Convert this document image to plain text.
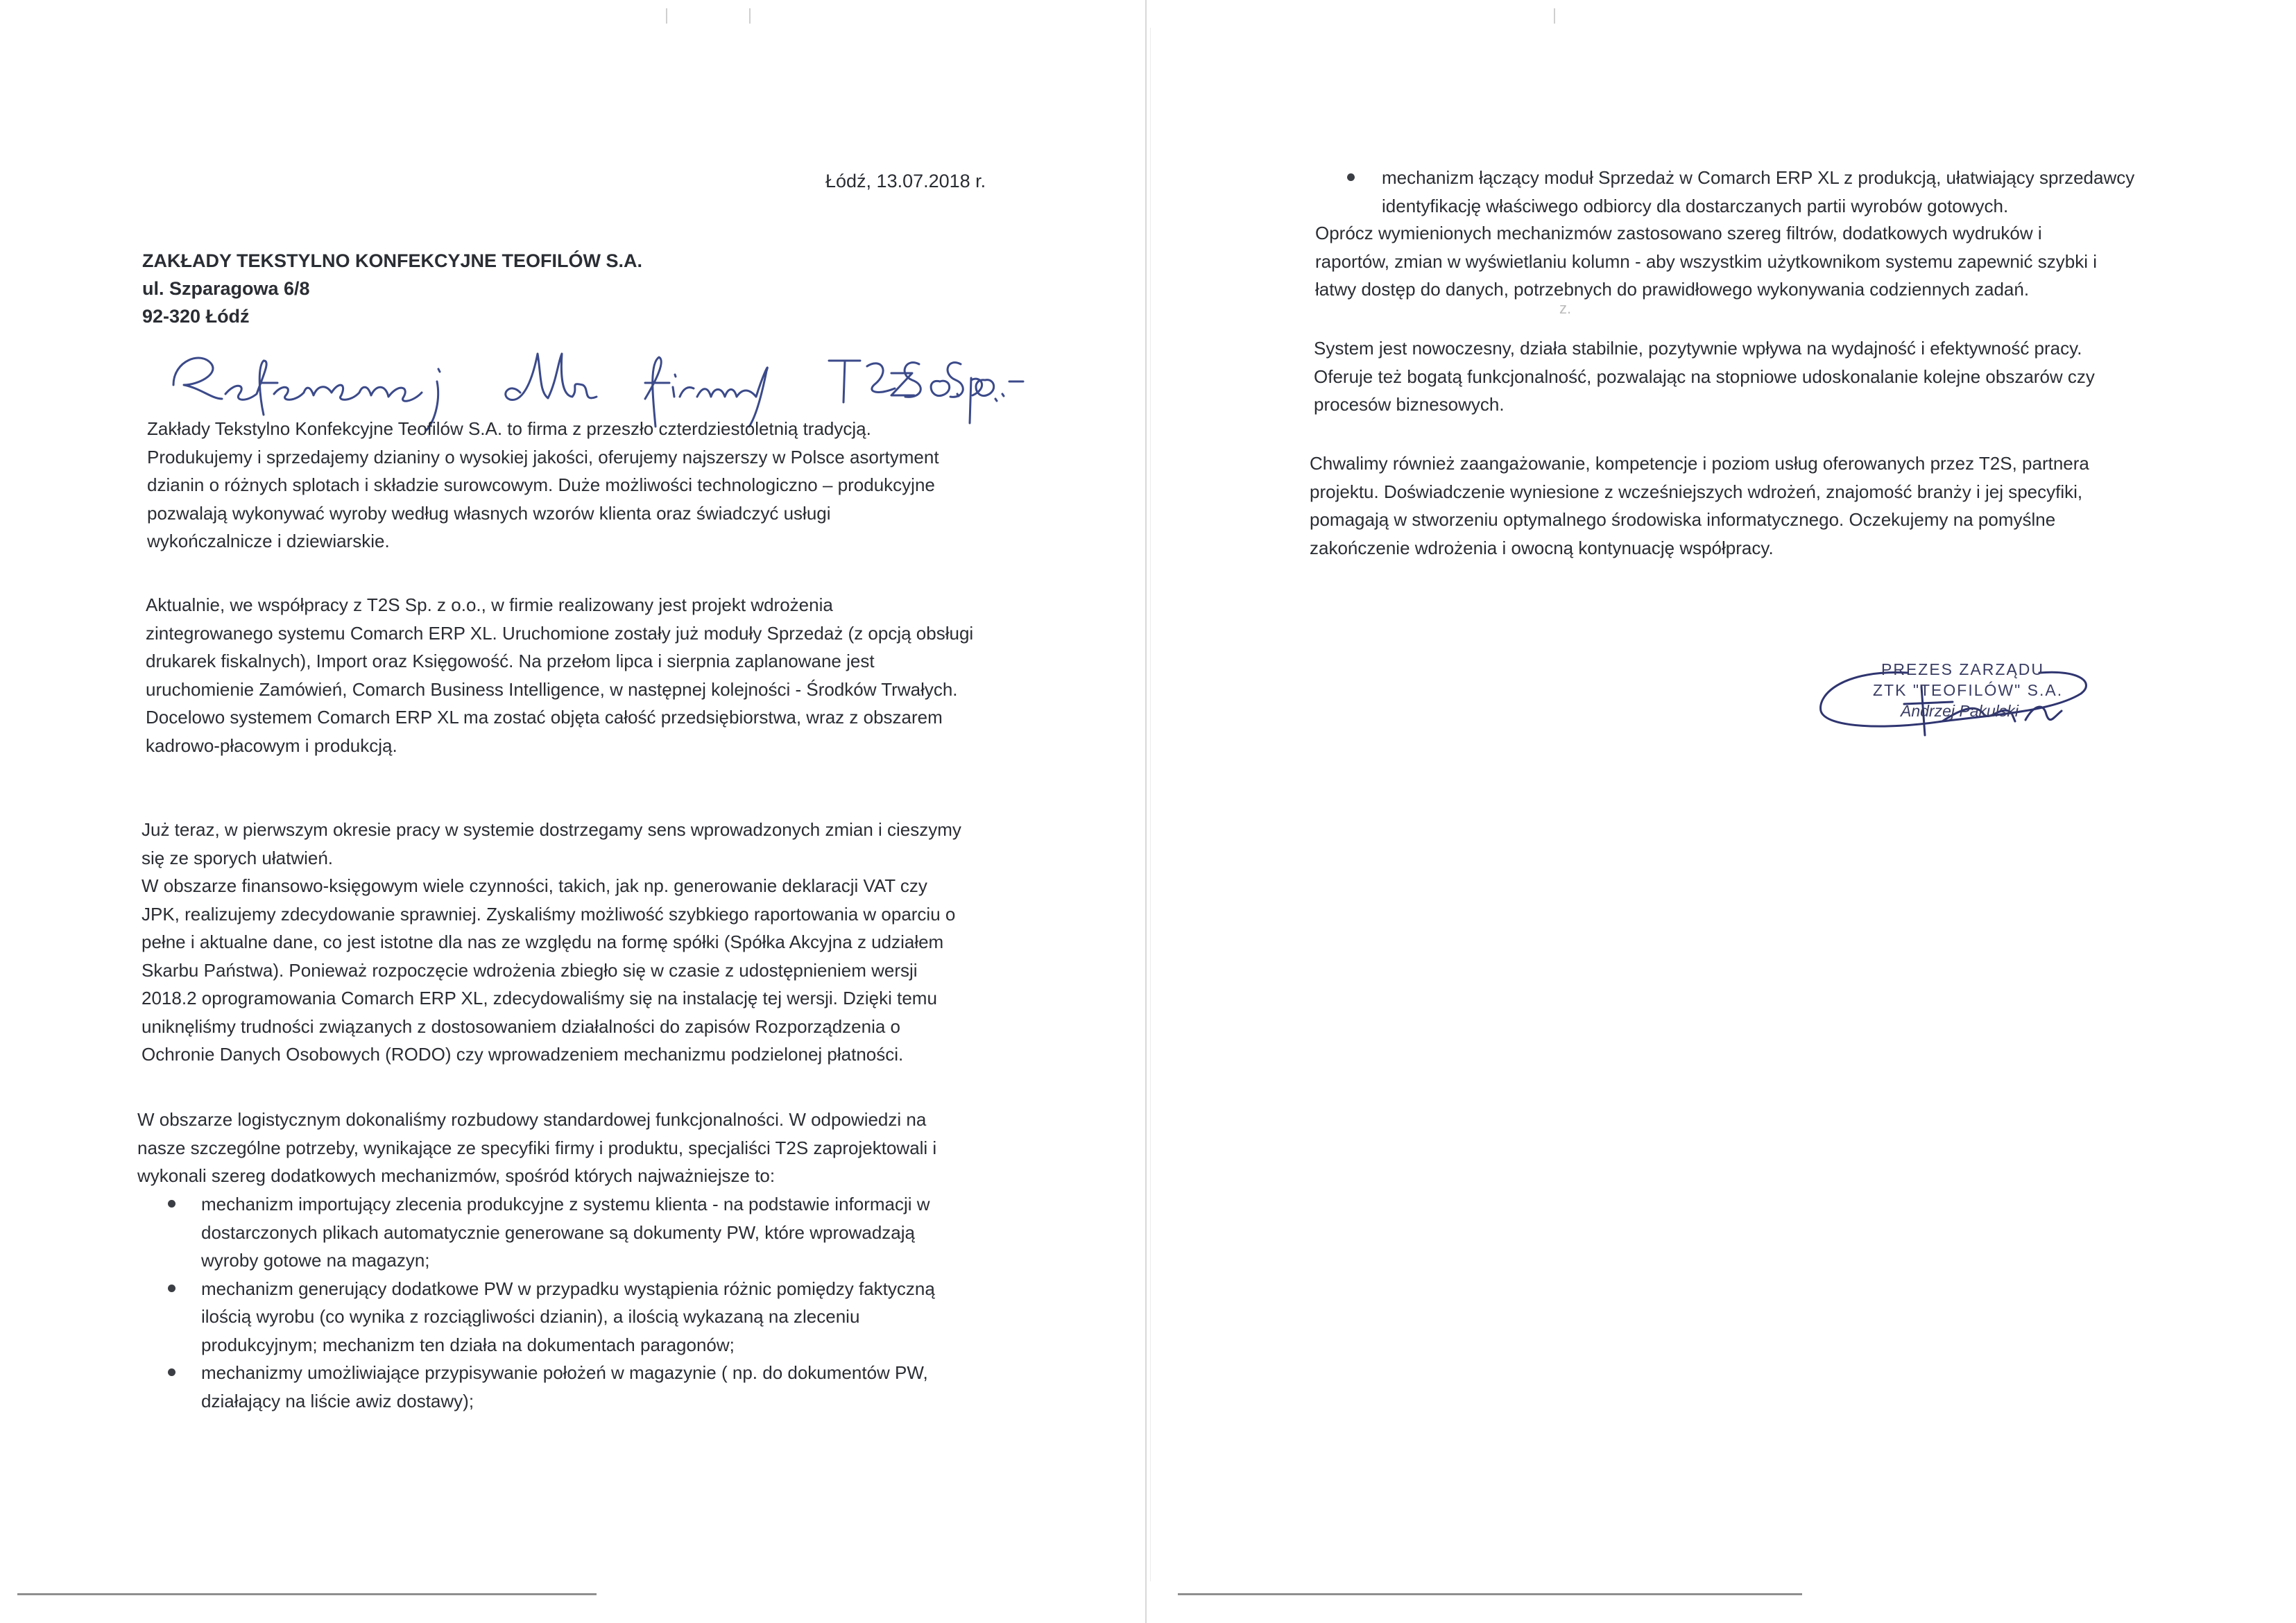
Łódź, 13.07.2018 r.
ZAKŁADY TEKSTYLNO KONFEKCYJNE TEOFILÓW S.A.
ul. Szparagowa 6/8
92-320 Łódź
Zakłady Tekstylno Konfekcyjne Teofilów S.A. to firma z przeszło czterdziestoletnią tradycją.
Produkujemy i sprzedajemy dzianiny o wysokiej jakości, oferujemy najszerszy w Polsce asortyment
dzianin o różnych splotach i składzie surowcowym. Duże możliwości technologiczno – produkcyjne
pozwalają wykonywać wyroby według własnych wzorów klienta oraz świadczyć usługi
wykończalnicze i dziewiarskie.
Aktualnie, we współpracy z T2S Sp. z o.o., w firmie realizowany jest projekt wdrożenia
zintegrowanego systemu Comarch ERP XL. Uruchomione zostały już moduły Sprzedaż (z opcją obsługi
drukarek fiskalnych), Import oraz Księgowość. Na przełom lipca i sierpnia zaplanowane jest
uruchomienie Zamówień, Comarch Business Intelligence, w następnej kolejności - Środków Trwałych.
Docelowo systemem Comarch ERP XL ma zostać objęta całość przedsiębiorstwa, wraz z obszarem
kadrowo-płacowym i produkcją.
Już teraz, w pierwszym okresie pracy w systemie dostrzegamy sens wprowadzonych zmian i cieszymy
się ze sporych ułatwień.
W obszarze finansowo-księgowym wiele czynności, takich, jak np. generowanie deklaracji VAT czy
JPK, realizujemy zdecydowanie sprawniej. Zyskaliśmy możliwość szybkiego raportowania w oparciu o
pełne i aktualne dane, co jest istotne dla nas ze względu na formę spółki (Spółka Akcyjna z udziałem
Skarbu Państwa). Ponieważ rozpoczęcie wdrożenia zbiegło się w czasie z udostępnieniem wersji
2018.2 oprogramowania Comarch ERP XL, zdecydowaliśmy się na instalację tej wersji. Dzięki temu
uniknęliśmy trudności związanych z dostosowaniem działalności do zapisów Rozporządzenia o
Ochronie Danych Osobowych (RODO) czy wprowadzeniem mechanizmu podzielonej płatności.
W obszarze logistycznym dokonaliśmy rozbudowy standardowej funkcjonalności. W odpowiedzi na
nasze szczególne potrzeby, wynikające ze specyfiki firmy i produktu, specjaliści T2S zaprojektowali i
wykonali szereg dodatkowych mechanizmów, spośród których najważniejsze to:
mechanizm importujący zlecenia produkcyjne z systemu klienta - na podstawie informacji w
dostarczonych plikach automatycznie generowane są dokumenty PW, które wprowadzają
wyroby gotowe na magazyn;
mechanizm generujący dodatkowe PW w przypadku wystąpienia różnic pomiędzy faktyczną
ilością wyrobu (co wynika z rozciągliwości dzianin), a ilością wykazaną na zleceniu
produkcyjnym; mechanizm ten działa na dokumentach paragonów;
mechanizmy umożliwiające przypisywanie położeń w magazynie ( np. do dokumentów PW,
działający na liście awiz dostawy);
mechanizm łączący moduł Sprzedaż w Comarch ERP XL z produkcją, ułatwiający sprzedawcy
identyfikację właściwego odbiorcy dla dostarczanych partii wyrobów gotowych.
Oprócz wymienionych mechanizmów zastosowano szereg filtrów, dodatkowych wydruków i
raportów, zmian w wyświetlaniu kolumn - aby wszystkim użytkownikom systemu zapewnić szybki i
łatwy dostęp do danych, potrzebnych do prawidłowego wykonywania codziennych zadań.
System jest nowoczesny, działa stabilnie, pozytywnie wpływa na wydajność i efektywność pracy.
Oferuje też bogatą funkcjonalność, pozwalając na stopniowe udoskonalanie kolejne obszarów czy
procesów biznesowych.
Chwalimy również zaangażowanie, kompetencje i poziom usług oferowanych przez T2S, partnera
projektu. Doświadczenie wyniesione z wcześniejszych wdrożeń, znajomość branży i jej specyfiki,
pomagają w stworzeniu optymalnego środowiska informatycznego. Oczekujemy na pomyślne
zakończenie wdrożenia i owocną kontynuację współpracy.
z.
PREZES ZARZĄDU
ZTK "TEOFILÓW" S.A.
Andrzej Pakulski
